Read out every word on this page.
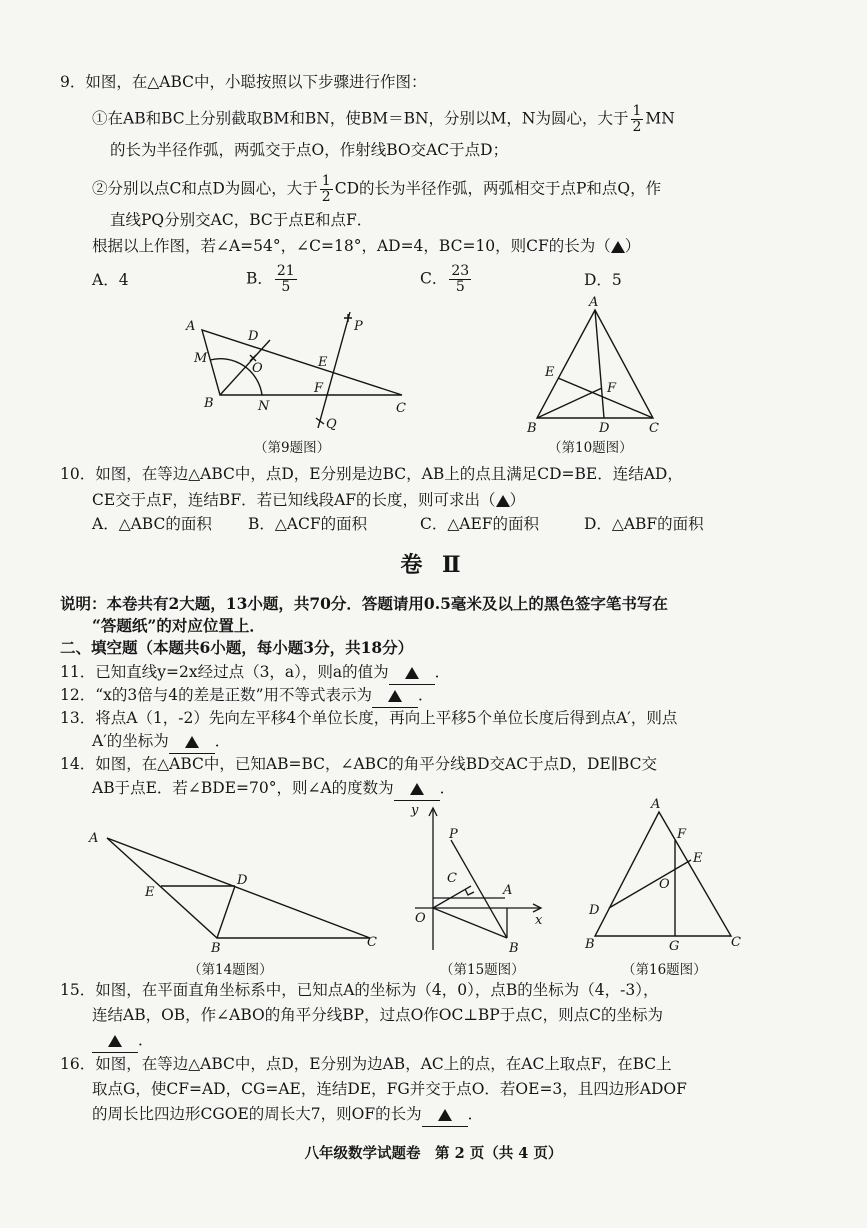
9．如图，在△ABC中，小聪按照以下步骤进行作图：
①在AB和BC上分别截取BM和BN，使BM＝BN，分别以M，N为圆心，大于 $\frac{1}{2}$ MN
的长为半径作弧，两弧交于点O，作射线BO交AC于点D；
②分别以点C和点D为圆心，大于 $\frac{1}{2}$ CD的长为半径作弧，两弧相交于点P和点Q，作
直线PQ分别交AC，BC于点E和点F．
根据以上作图，若∠A=54°，∠C=18°，AD=4，BC=10，则CF的长为（ ）
A．4	B． $\frac{21}{5}$	C． $\frac{23}{5}$	D．5
A
B	C
D
M
N
O	E
F
P
Q
（第9题图）
A
B	C
D
E
F
（第10题图）
10．如图，在等边△ABC中，点D，E分别是边BC，AB上的点且满足CD=BE．连结AD，
CE交于点F，连结BF．若已知线段AF的长度，则可求出（ ）
A．△ABC的面积 B．△ACF的面积	C．△AEF的面积	D．△ABF的面积
卷 Ⅱ
说明：本卷共有2大题，13小题，共70分．答题请用0.5毫米及以上的黑色签字笔书写在
“答题纸”的对应位置上．
二、填空题（本题共6小题，每小题3分，共18分）
11．已知直线y=2x经过点（3，a），则a的值为	．
12．“x的3倍与4的差是正数”用不等式表示为	．
13．将点A（1，-2）先向左平移4个单位长度，再向上平移5个单位长度后得到点A′，则点
A′的坐标为	．
14．如图，在△ABC中，已知AB=BC，∠ABC的角平分线BD交AC于点D，DE∥BC交
AB于点E．若∠BDE=70°，则∠A的度数为	．
A
B	C
D
E
（第14题图）
y
x
O
P
C
A
B
（第15题图）
A
B	C
D
E
F
G
O
（第16题图）
15．如图，在平面直角坐标系中，已知点A的坐标为（4，0），点B的坐标为（4，-3），
连结AB，OB，作∠ABO的角平分线BP，过点O作OC⊥BP于点C，则点C的坐标为
．
16．如图，在等边△ABC中，点D，E分别为边AB，AC上的点，在AC上取点F，在BC上
取点G，使CF=AD，CG=AE，连结DE，FG并交于点O．若OE=3，且四边形ADOF
的周长比四边形CGOE的周长大7，则OF的长为	．
八年级数学试题卷　第 2 页（共 4 页）
